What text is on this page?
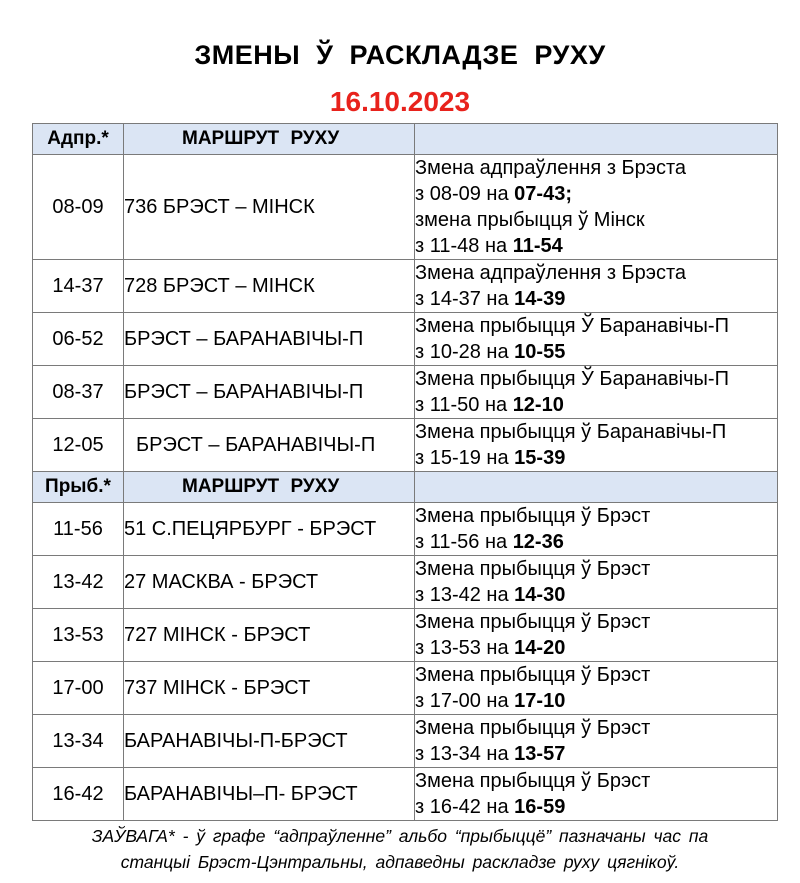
ЗМЕНЫ Ў РАСКЛАДЗЕ РУХУ
16.10.2023
Адпр.*	МАРШРУТ РУХУ	
08-09	736 БРЭСТ – МІНСК	Змена адпраўлення з Брэста
з 08-09 на 07-43;
змена прыбыцця ў Мінск
з 11-48 на 11-54

14-37	728 БРЭСТ – МІНСК	Змена адпраўлення з Брэста
з 14-37 на 14-39

06-52	БРЭСТ – БАРАНАВІЧЫ-П	Змена прыбыцця Ў Баранавічы-П
з 10-28 на 10-55

08-37	БРЭСТ – БАРАНАВІЧЫ-П	Змена прыбыцця Ў Баранавічы-П
з 11-50 на 12-10

12-05	БРЭСТ – БАРАНАВІЧЫ-П	Змена прыбыцця ў Баранавічы-П
з 15-19 на 15-39

Прыб.*	МАРШРУТ РУХУ	
11-56	51 С.ПЕЦЯРБУРГ - БРЭСТ	Змена прыбыцця ў Брэст
з 11-56 на 12-36

13-42	27 МАСКВА - БРЭСТ	Змена прыбыцця ў Брэст
з 13-42 на 14-30

13-53	727 МІНСК - БРЭСТ	Змена прыбыцця ў Брэст
з 13-53 на 14-20

17-00	737 МІНСК - БРЭСТ	Змена прыбыцця ў Брэст
з 17-00 на 17-10

13-34	БАРАНАВІЧЫ-П-БРЭСТ	Змена прыбыцця ў Брэст
з 13-34 на 13-57

16-42	БАРАНАВІЧЫ–П- БРЭСТ	Змена прыбыцця ў Брэст
з 16-42 на 16-59
ЗАЎВАГА* - ў графе “адпраўленне” альбо “прыбыццё” пазначаны час па
станцыі Брэст-Цэнтральны, адпаведны раскладзе руху цягнікоў.
